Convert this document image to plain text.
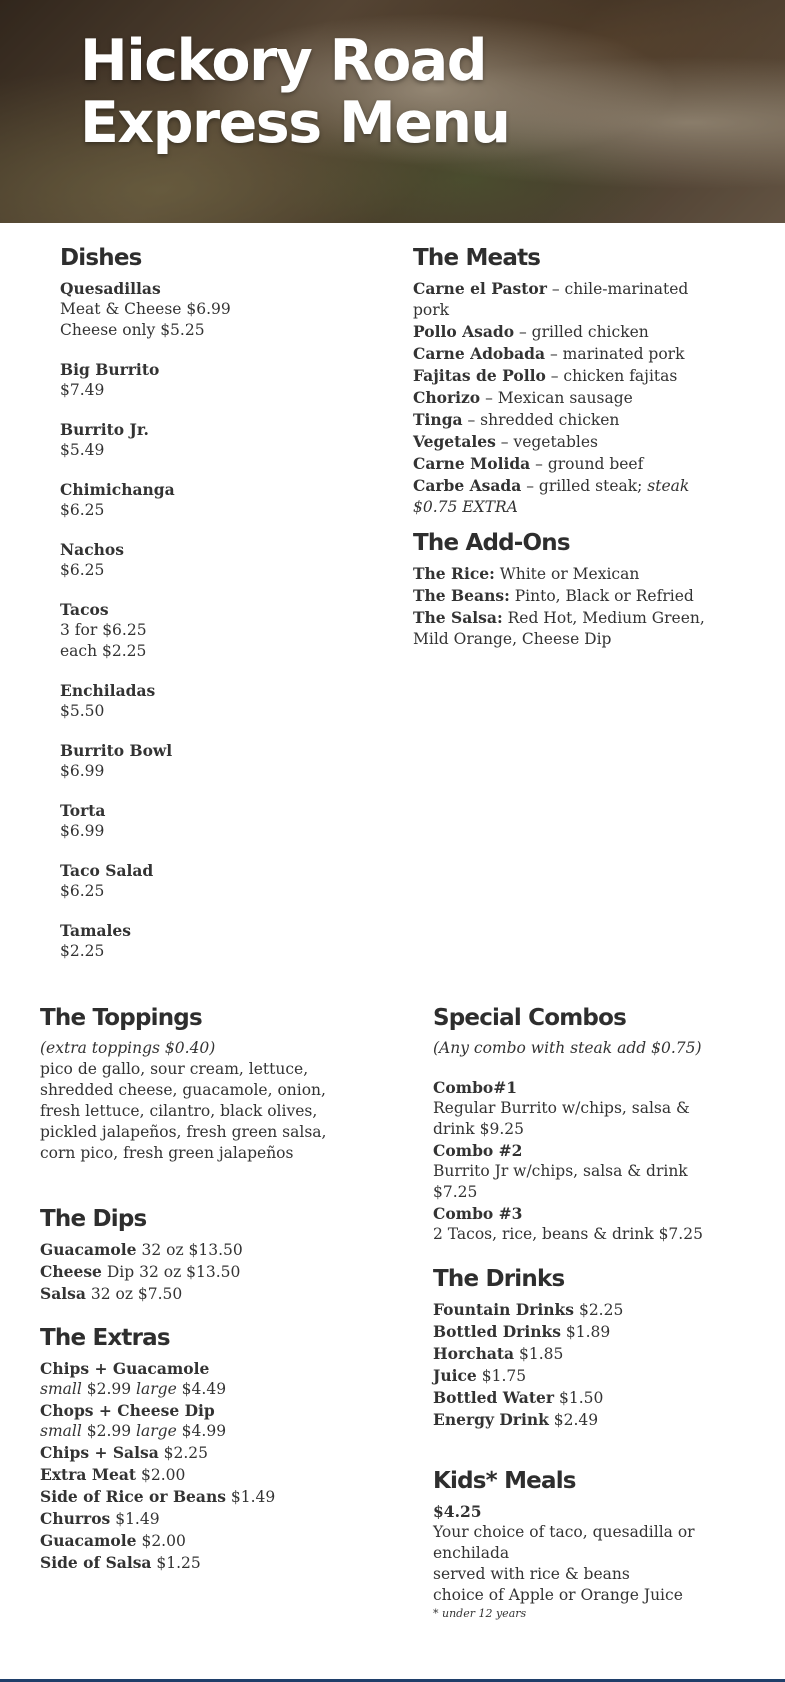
Hickory Road Express Menu
Dishes
Quesadillas
Meat & Cheese $6.99
Cheese only $5.25
Big Burrito
$7.49
Burrito Jr.
$5.49
Chimichanga
$6.25
Nachos
$6.25
Tacos
3 for $6.25
each $2.25
Enchiladas
$5.50
Burrito Bowl
$6.99
Torta
$6.99
Taco Salad
$6.25
Tamales
$2.25
The Meats
Carne el Pastor – chile-marinated pork
Pollo Asado – grilled chicken
Carne Adobada – marinated pork
Fajitas de Pollo – chicken fajitas
Chorizo – Mexican sausage
Tinga – shredded chicken
Vegetales – vegetables
Carne Molida – ground beef
Carbe Asada – grilled steak; steak $0.75 EXTRA
The Add-Ons
The Rice: White or Mexican
The Beans: Pinto, Black or Refried
The Salsa: Red Hot, Medium Green, Mild Orange, Cheese Dip
The Toppings
(extra toppings $0.40)
pico de gallo, sour cream, lettuce, shredded cheese, guacamole, onion, fresh lettuce, cilantro, black olives, pickled jalapeños, fresh green salsa, corn pico, fresh green jalapeños
The Dips
Guacamole 32 oz $13.50
Cheese Dip 32 oz $13.50
Salsa 32 oz $7.50
The Extras
Chips + Guacamole
small $2.99 large $4.49
Chops + Cheese Dip
small $2.99 large $4.99
Chips + Salsa $2.25
Extra Meat $2.00
Side of Rice or Beans $1.49
Churros $1.49
Guacamole $2.00
Side of Salsa $1.25
Special Combos
(Any combo with steak add $0.75)
Combo#1
Regular Burrito w/chips, salsa & drink $9.25
Combo #2
Burrito Jr w/chips, salsa & drink $7.25
Combo #3
2 Tacos, rice, beans & drink $7.25
The Drinks
Fountain Drinks $2.25
Bottled Drinks $1.89
Horchata $1.85
Juice $1.75
Bottled Water $1.50
Energy Drink $2.49
Kids* Meals
$4.25
Your choice of taco, quesadilla or enchilada
served with rice & beans
choice of Apple or Orange Juice
* under 12 years
